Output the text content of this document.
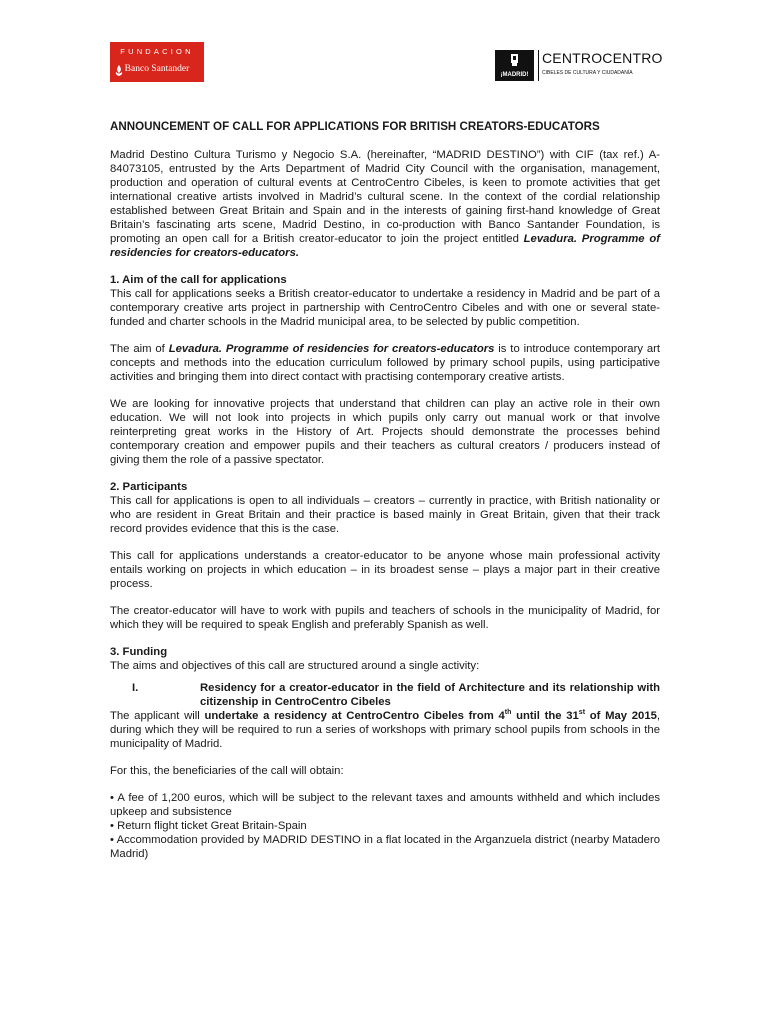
FUNDACION
Banco Santander
¡MADRID!
CENTROCENTRO
CIBELES DE CULTURA Y CIUDADANÍA
ANNOUNCEMENT OF CALL FOR APPLICATIONS FOR BRITISH CREATORS-EDUCATORS

Madrid Destino Cultura Turismo y Negocio S.A. (hereinafter, “MADRID DESTINO”) with CIF (tax ref.) A-84073105, entrusted by the Arts Department of Madrid City Council with the organisation, management, production and operation of cultural events at CentroCentro Cibeles, is keen to promote activities that get international creative artists involved in Madrid’s cultural scene. In the context of the cordial relationship established between Great Britain and Spain and in the interests of gaining first-hand knowledge of Great Britain’s fascinating arts scene, Madrid Destino, in co-production with Banco Santander Foundation, is promoting an open call for a British creator-educator to join the project entitled Levadura. Programme of residencies for creators-educators.

1. Aim of the call for applications

This call for applications seeks a British creator-educator to undertake a residency in Madrid and be part of a contemporary creative arts project in partnership with CentroCentro Cibeles and with one or several state-funded and charter schools in the Madrid municipal area, to be selected by public competition.

The aim of Levadura. Programme of residencies for creators-educators is to introduce contemporary art concepts and methods into the education curriculum followed by primary school pupils, using participative activities and bringing them into direct contact with practising contemporary creative artists.

We are looking for innovative projects that understand that children can play an active role in their own education. We will not look into projects in which pupils only carry out manual work or that involve reinterpreting great works in the History of Art. Projects should demonstrate the processes behind contemporary creation and empower pupils and their teachers as cultural creators / producers instead of giving them the role of a passive spectator.

2. Participants

This call for applications is open to all individuals – creators – currently in practice, with British nationality or who are resident in Great Britain and their practice is based mainly in Great Britain, given that their track record provides evidence that this is the case.

This call for applications understands a creator-educator to be anyone whose main professional activity entails working on projects in which education – in its broadest sense – plays a major part in their creative process.

The creator-educator will have to work with pupils and teachers of schools in the municipality of Madrid, for which they will be required to speak English and preferably Spanish as well.

3. Funding

The aims and objectives of this call are structured around a single activity:

I.	Residency for a creator-educator in the field of Architecture and its relationship with citizenship in CentroCentro Cibeles

The applicant will undertake a residency at CentroCentro Cibeles from 4th until the 31st of May 2015, during which they will be required to run a series of workshops with primary school pupils from schools in the municipality of Madrid.

For this, the beneficiaries of the call will obtain:

• A fee of 1,200 euros, which will be subject to the relevant taxes and amounts withheld and which includes upkeep and subsistence
• Return flight ticket Great Britain-Spain
• Accommodation provided by MADRID DESTINO in a flat located in the Arganzuela district (nearby Matadero Madrid)
